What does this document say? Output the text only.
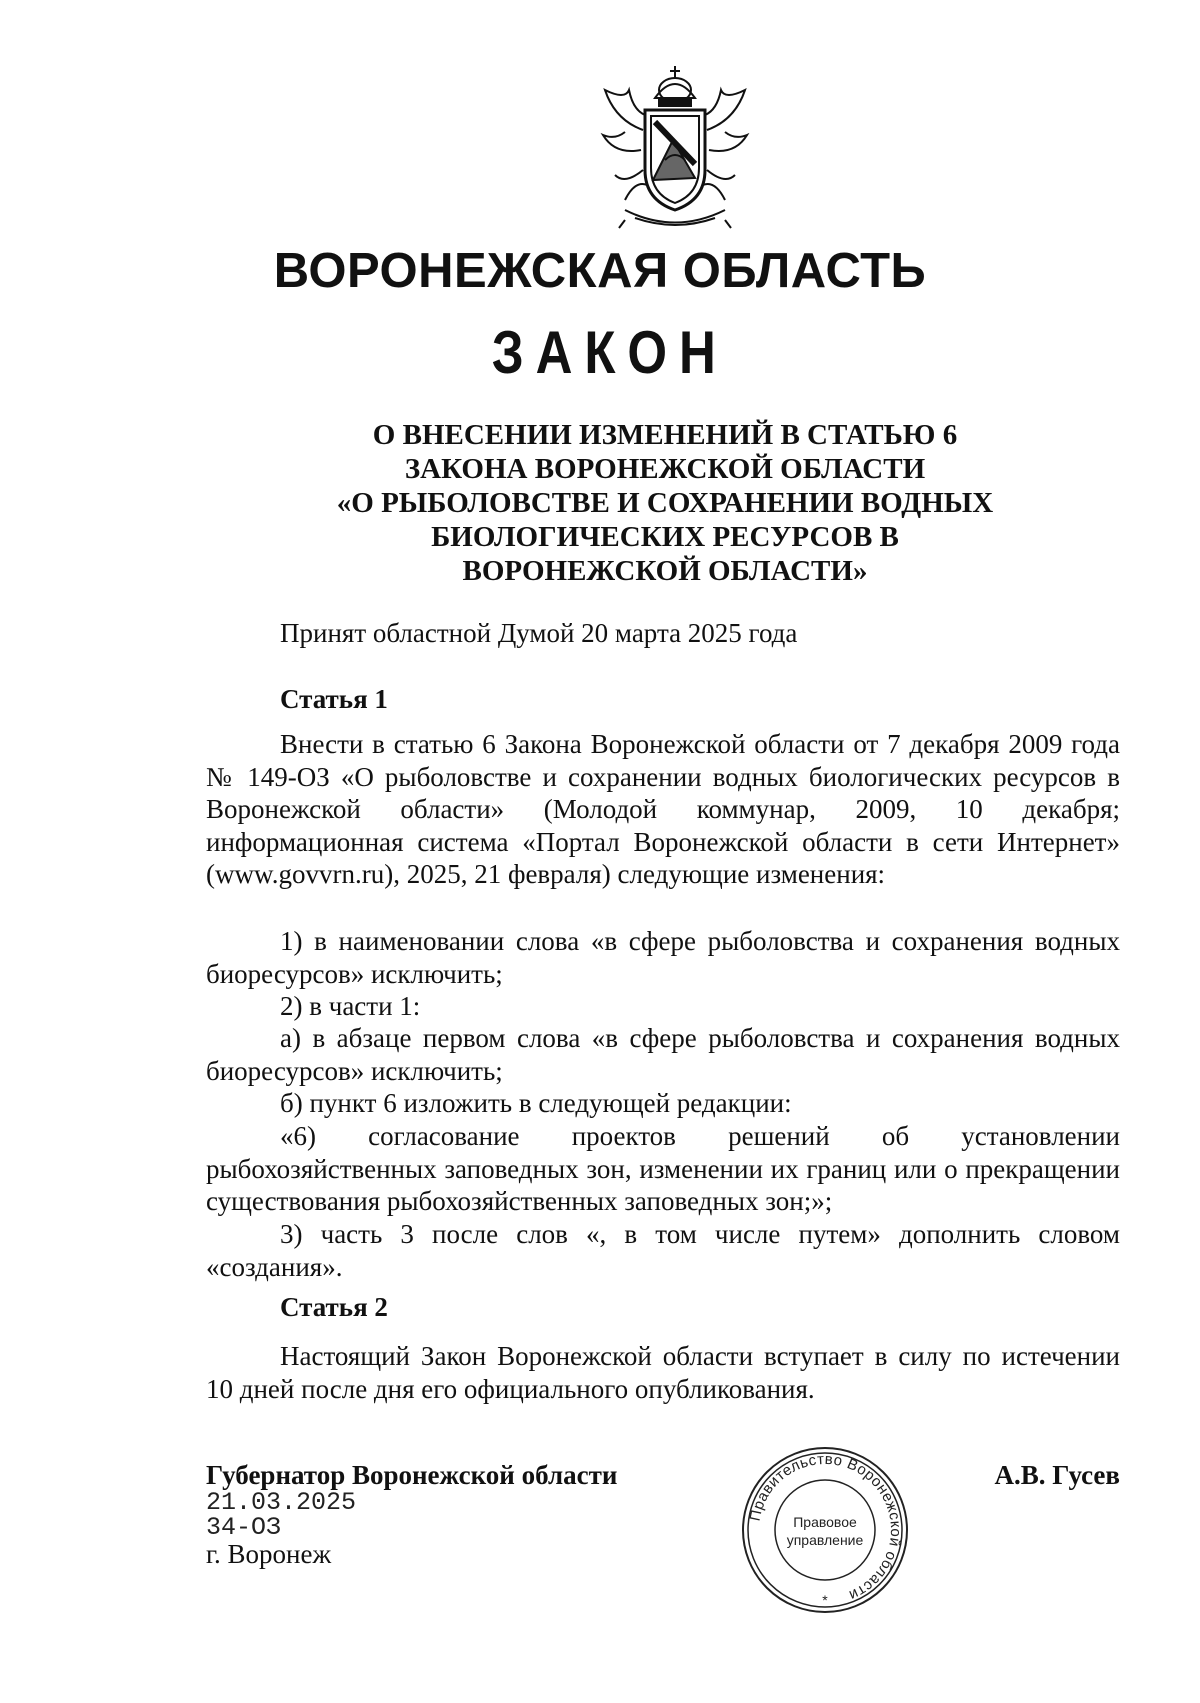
ВОРОНЕЖСКАЯ ОБЛАСТЬ
ЗАКОН
О ВНЕСЕНИИ ИЗМЕНЕНИЙ В СТАТЬЮ 6
ЗАКОНА ВОРОНЕЖСКОЙ ОБЛАСТИ
«О РЫБОЛОВСТВЕ И СОХРАНЕНИИ ВОДНЫХ
БИОЛОГИЧЕСКИХ РЕСУРСОВ В
ВОРОНЕЖСКОЙ ОБЛАСТИ»
Принят областной Думой 20 марта 2025 года
Статья 1
Внести в статью 6 Закона Воронежской области от 7 декабря 2009 года № 149-ОЗ «О рыболовстве и сохранении водных биологических ресурсов в Воронежской области» (Молодой коммунар, 2009, 10 декабря; информационная система «Портал Воронежской области в сети Интернет» (www.govvrn.ru), 2025, 21 февраля) следующие изменения:
1) в наименовании слова «в сфере рыболовства и сохранения водных биоресурсов» исключить;
2) в части 1:
а) в абзаце первом слова «в сфере рыболовства и сохранения водных биоресурсов» исключить;
б) пункт 6 изложить в следующей редакции:
«6) согласование проектов решений об установлении рыбохозяйственных заповедных зон, изменении их границ или о прекращении существования рыбохозяйственных заповедных зон;»;
3) часть 3 после слов «, в том числе путем» дополнить словом «создания».
Статья 2
Настоящий Закон Воронежской области вступает в силу по истечении 10 дней после дня его официального опубликования.
Губернатор Воронежской области
21.03.2025
34-ОЗ
г. Воронеж
Правительство Воронежской области
Правовое
управление
*
А.В. Гусев
